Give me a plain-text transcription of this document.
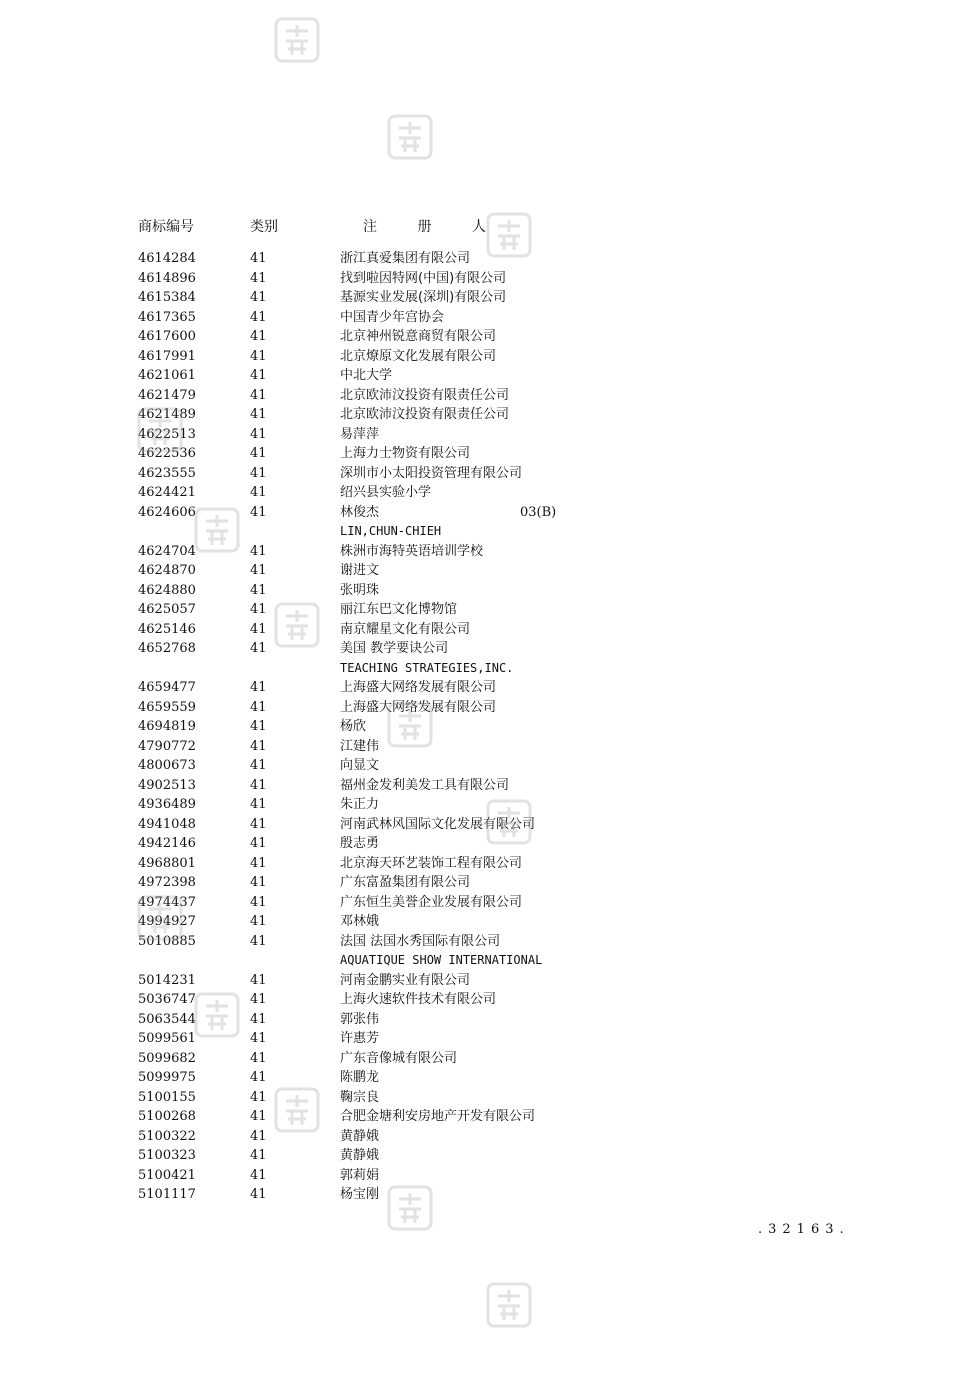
商标编号	类别	注 册 人
4614284	41	浙江真爱集团有限公司
4614896	41	找到啦因特网(中国)有限公司
4615384	41	基源实业发展(深圳)有限公司
4617365	41	中国青少年宫协会
4617600	41	北京神州锐意商贸有限公司
4617991	41	北京燎原文化发展有限公司
4621061	41	中北大学
4621479	41	北京欧沛汶投资有限责任公司
4621489	41	北京欧沛汶投资有限责任公司
4622513	41	易萍萍
4622536	41	上海力士物资有限公司
4623555	41	深圳市小太阳投资管理有限公司
4624421	41	绍兴县实验小学
4624606	41	林俊杰	03(B)
LIN,CHUN-CHIEH
4624704	41	株洲市海特英语培训学校
4624870	41	谢进文
4624880	41	张明珠
4625057	41	丽江东巴文化博物馆
4625146	41	南京耀星文化有限公司
4652768	41	美国 教学要诀公司
TEACHING STRATEGIES,INC.
4659477	41	上海盛大网络发展有限公司
4659559	41	上海盛大网络发展有限公司
4694819	41	杨欣
4790772	41	江建伟
4800673	41	向显文
4902513	41	福州金发利美发工具有限公司
4936489	41	朱正力
4941048	41	河南武林风国际文化发展有限公司
4942146	41	殷志勇
4968801	41	北京海天环艺装饰工程有限公司
4972398	41	广东富盈集团有限公司
4974437	41	广东恒生美誉企业发展有限公司
4994927	41	邓林娥
5010885	41	法国 法国水秀国际有限公司
AQUATIQUE SHOW INTERNATIONAL
5014231	41	河南金鹏实业有限公司
5036747	41	上海火速软件技术有限公司
5063544	41	郭张伟
5099561	41	许惠芳
5099682	41	广东音像城有限公司
5099975	41	陈鹏龙
5100155	41	鞠宗良
5100268	41	合肥金塘利安房地产开发有限公司
5100322	41	黄静娥
5100323	41	黄静娥
5100421	41	郭莉娟
5101117	41	杨宝刚
.32163.
